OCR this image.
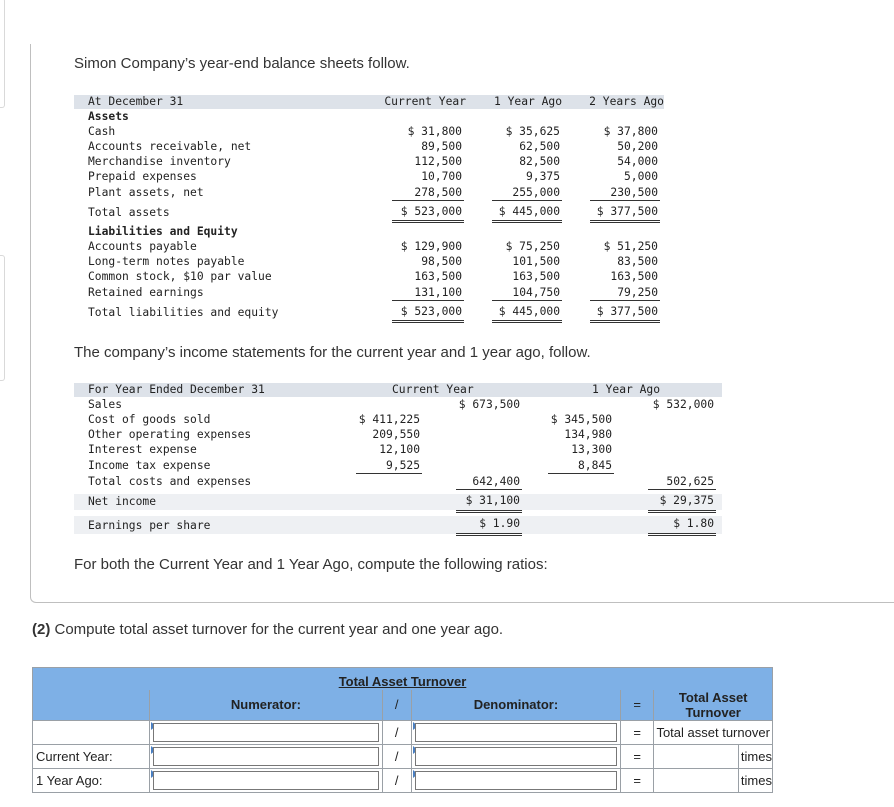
Simon Company’s year-end balance sheets follow.
At December 31	Current Year	1 Year Ago	2 Years Ago
Assets
Cash	$ 31,800	$ 35,625	$ 37,800
Accounts receivable, net	89,500	62,500	50,200
Merchandise inventory	112,500	82,500	54,000
Prepaid expenses	10,700	9,375	5,000
Plant assets, net	278,500	255,000	230,500
Total assets	$ 523,000	$ 445,000	$ 377,500
Liabilities and Equity
Accounts payable	$ 129,900	$ 75,250	$ 51,250
Long-term notes payable	98,500	101,500	83,500
Common stock, $10 par value	163,500	163,500	163,500
Retained earnings	131,100	104,750	79,250
Total liabilities and equity	$ 523,000	$ 445,000	$ 377,500
The company’s income statements for the current year and 1 year ago, follow.
For Year Ended December 31	Current Year	1 Year Ago
Sales	$ 673,500	$ 532,000
Cost of goods sold	$ 411,225	$ 345,500
Other operating expenses	209,550	134,980
Interest expense	12,100	13,300
Income tax expense	9,525	8,845
Total costs and expenses	642,400	502,625
Net income	$ 31,100	$ 29,375
Earnings per share	$ 1.90	$ 1.80
For both the Current Year and 1 Year Ago, compute the following ratios:
(2) Compute total asset turnover for the current year and one year ago.
Total Asset Turnover						
	Numerator:	/	Denominator:	=	Total Asset Turnover	

	/		=	Total asset turnover	
Current Year:		/		=		times
1 Year Ago:		/		=		times
